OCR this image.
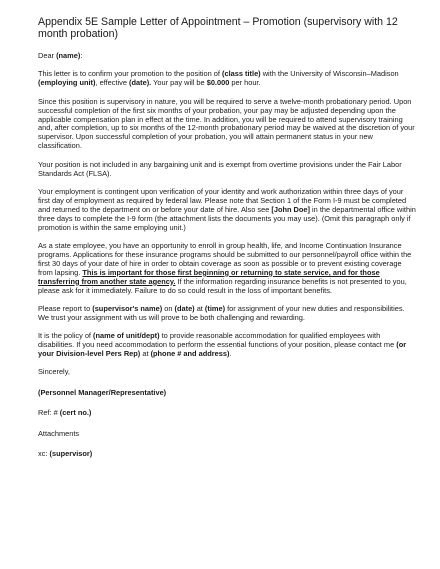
Appendix 5E Sample Letter of Appointment – Promotion (supervisory with 12 month probation)

Dear (name):

This letter is to confirm your promotion to the position of (class title) with the University of Wisconsin–Madison (employing unit), effective (date). Your pay will be $0.000 per hour.

Since this position is supervisory in nature, you will be required to serve a twelve-month probationary period. Upon successful completion of the first six months of your probation, your pay may be adjusted depending upon the applicable compensation plan in effect at the time. In addition, you will be required to attend supervisory training and, after completion, up to six months of the 12-month probationary period may be waived at the discretion of your supervisor. Upon successful completion of your probation, you will attain permanent status in your new classification.

Your position is not included in any bargaining unit and is exempt from overtime provisions under the Fair Labor Standards Act (FLSA).

Your employment is contingent upon verification of your identity and work authorization within three days of your first day of employment as required by federal law. Please note that Section 1 of the Form I-9 must be completed and returned to the department on or before your date of hire. Also see [John Doe] in the departmental office within three days to complete the I-9 form (the attachment lists the documents you may use). (Omit this paragraph only if promotion is within the same employing unit.)

As a state employee, you have an opportunity to enroll in group health, life, and Income Continuation Insurance programs. Applications for these insurance programs should be submitted to our personnel/payroll office within the first 30 days of your date of hire in order to obtain coverage as soon as possible or to prevent existing coverage from lapsing. This is important for those first beginning or returning to state service, and for those transferring from another state agency. If the information regarding insurance benefits is not presented to you, please ask for it immediately. Failure to do so could result in the loss of important benefits.

Please report to (supervisor's name) on (date) at (time) for assignment of your new duties and responsibilities. We trust your assignment with us will prove to be both challenging and rewarding.

It is the policy of (name of unit/dept) to provide reasonable accommodation for qualified employees with disabilities. If you need accommodation to perform the essential functions of your position, please contact me (or your Division-level Pers Rep) at (phone # and address).

Sincerely,

(Personnel Manager/Representative)

Ref: # (cert no.)

Attachments

xc: (supervisor)
